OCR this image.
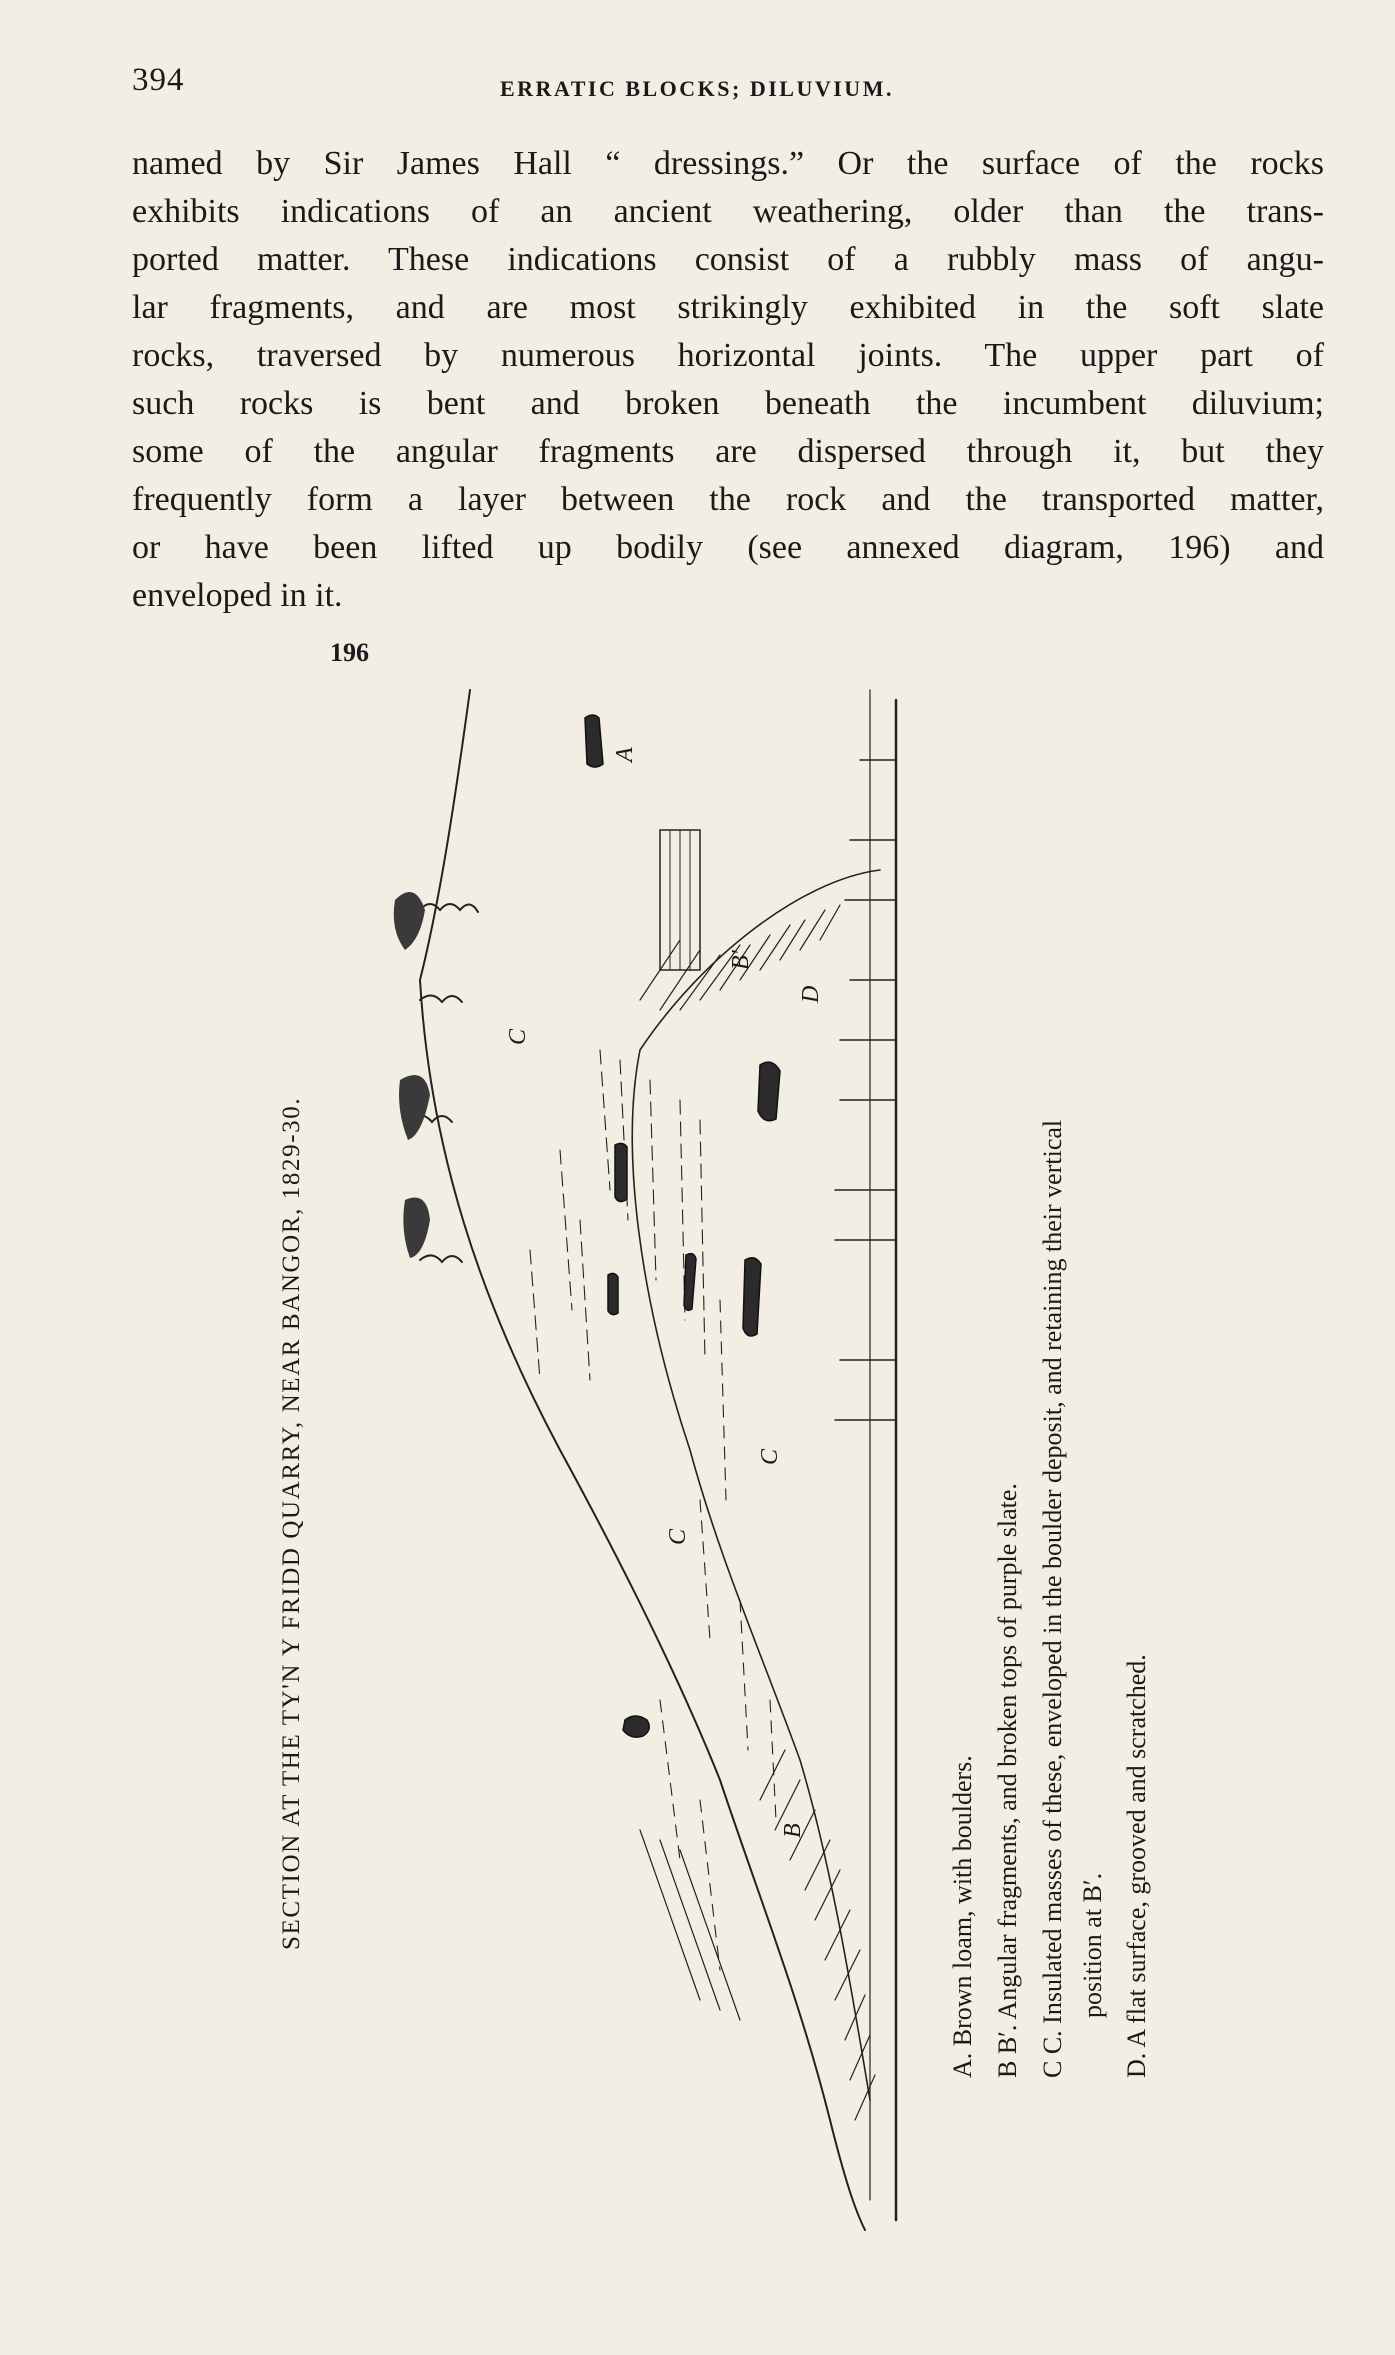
394	ERRATIC BLOCKS; DILUVIUM.
named by Sir James Hall “ dressings.” Or the surface of the rocks
exhibits indications of an ancient weathering, older than the trans-
ported matter. These indications consist of a rubbly mass of angu-
lar fragments, and are most strikingly exhibited in the soft slate
rocks, traversed by numerous horizontal joints. The upper part of
such rocks is bent and broken beneath the incumbent diluvium;
some of the angular fragments are dispersed through it, but they
frequently form a layer between the rock and the transported matter,
or have been lifted up bodily (see annexed diagram, 196) and
enveloped in it.
196
A
B′
C
D
C
C
B
SECTION AT THE TY'N Y FRIDD QUARRY, NEAR BANGOR, 1829-30.	A. Brown loam, with boulders. B B′. Angular fragments, and broken tops of purple slate. C C. Insulated masses of these, enveloped in the boulder deposit, and retaining their vertical position at B′. D. A flat surface, grooved and scratched.
